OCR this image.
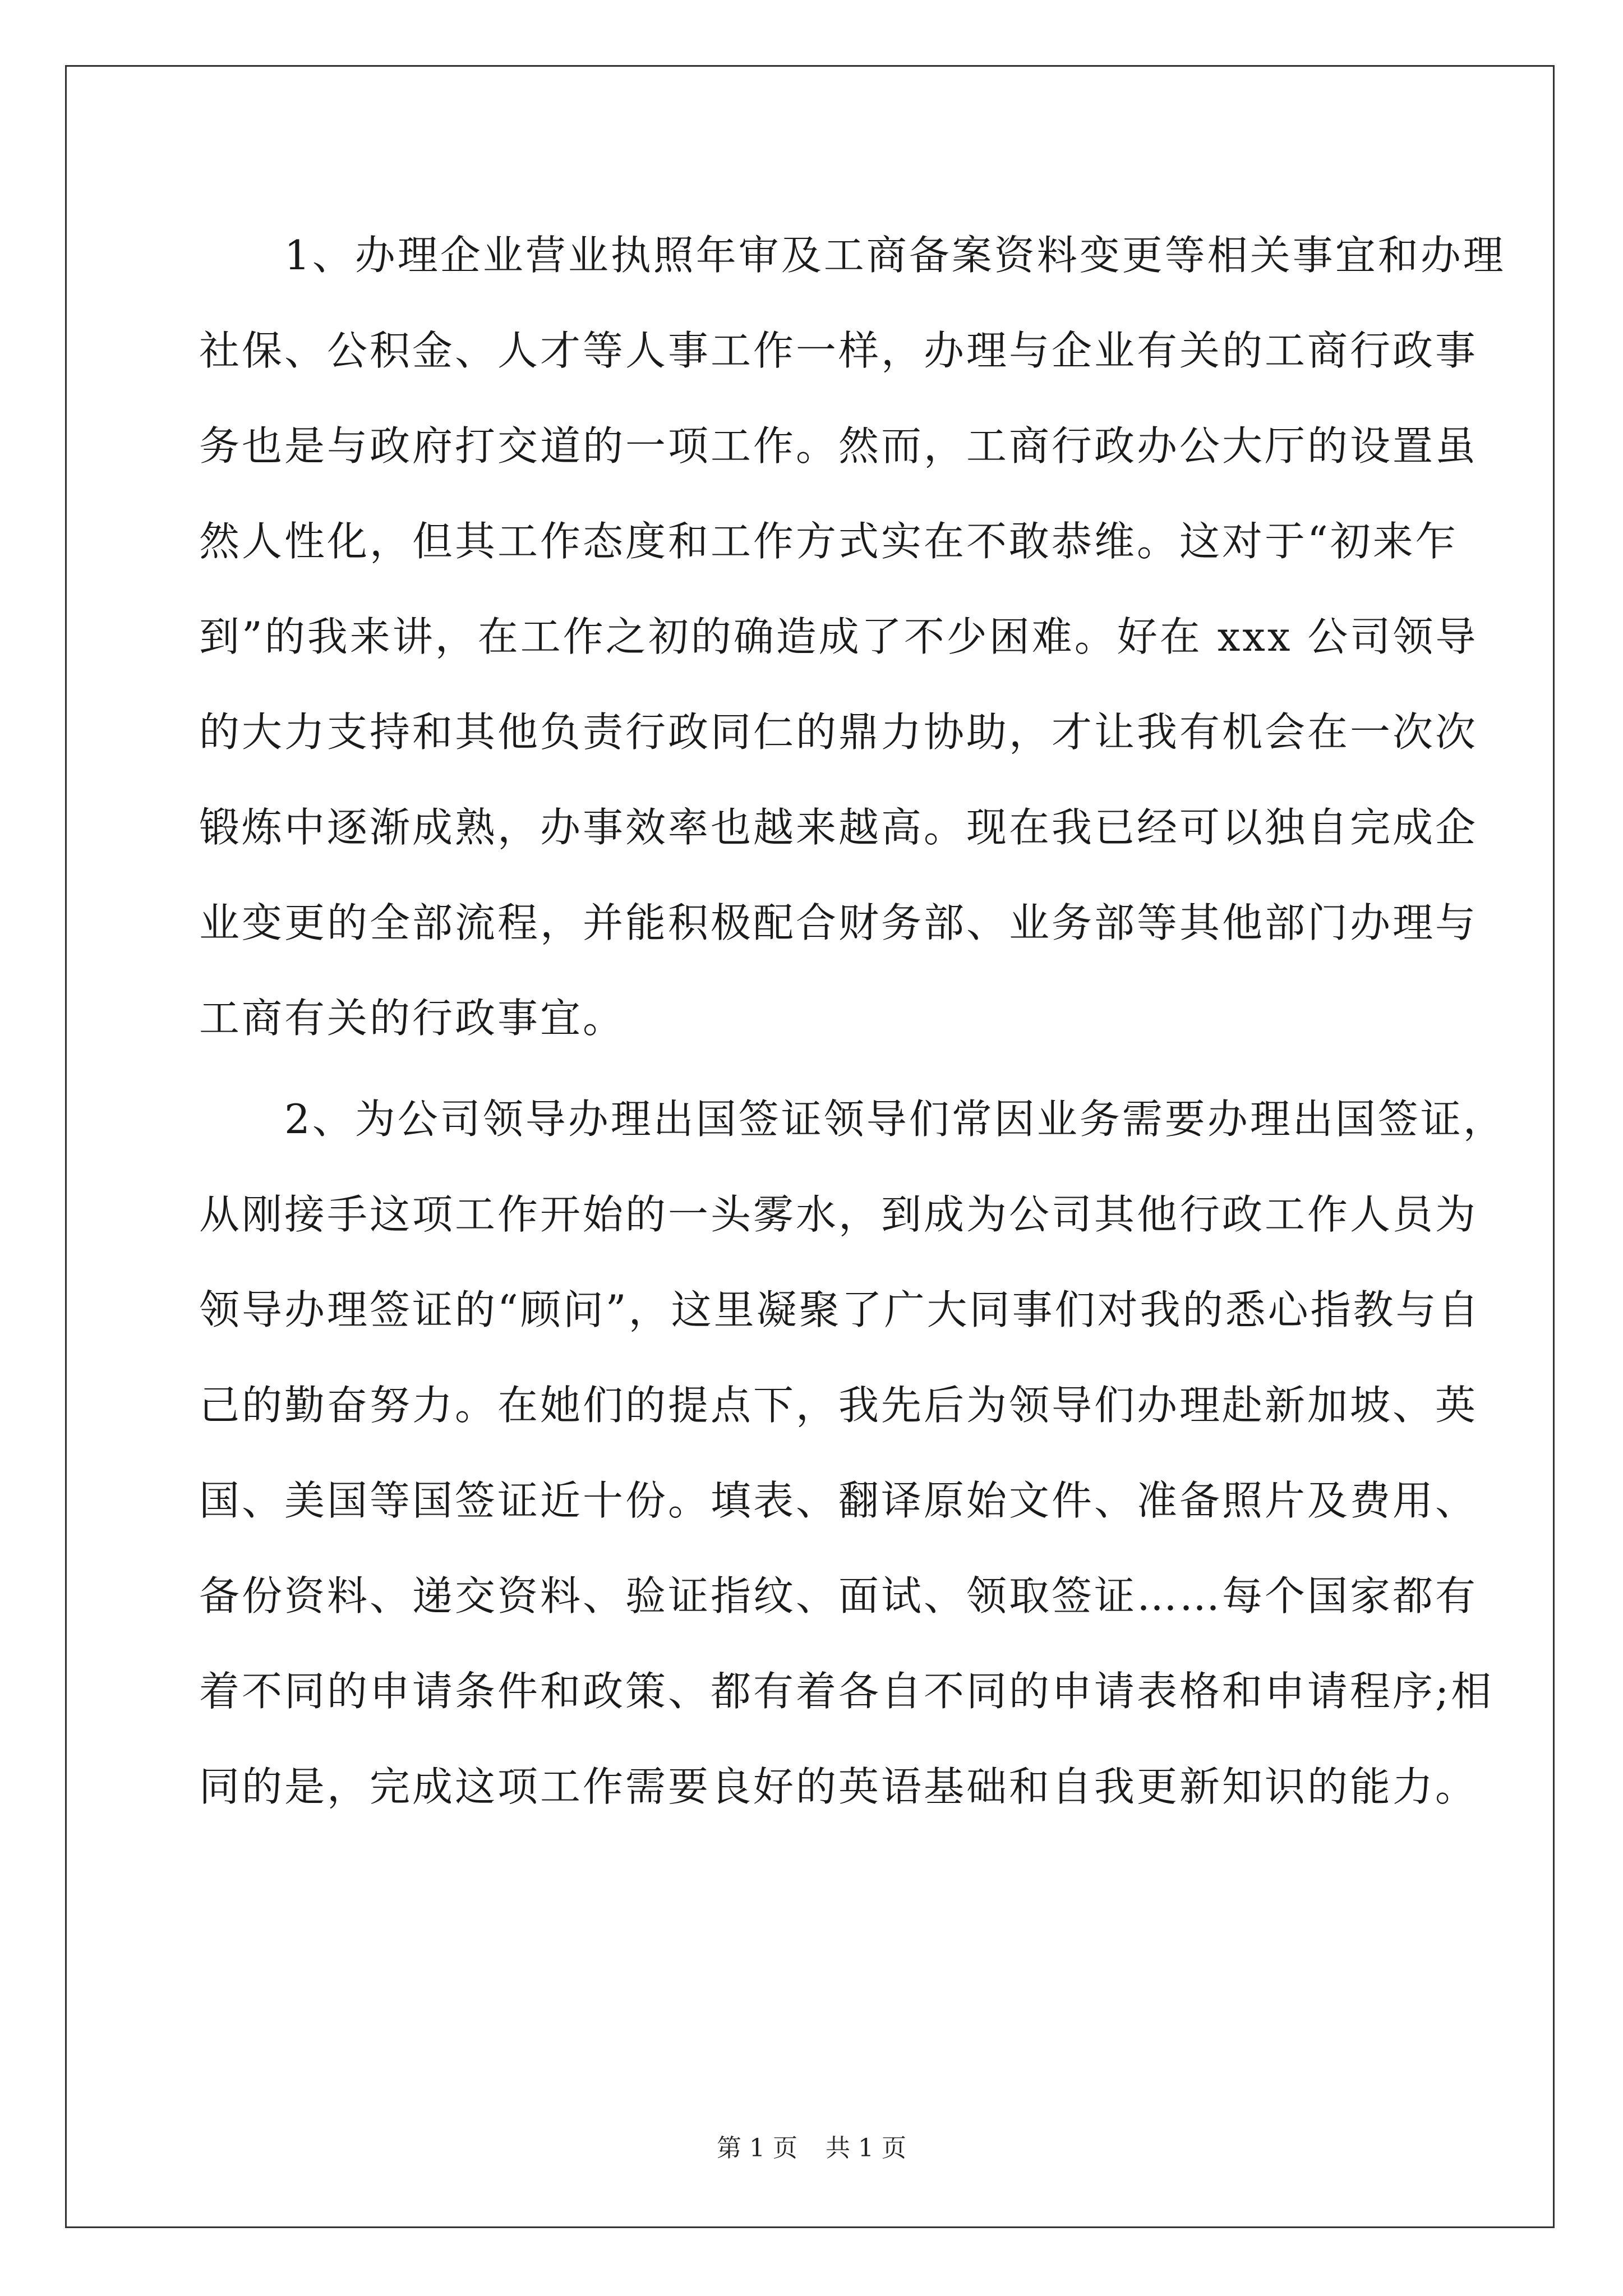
　　1、办理企业营业执照年审及工商备案资料变更等相关事宜和办理
社保、公积金、人才等人事工作一样，办理与企业有关的工商行政事
务也是与政府打交道的一项工作。然而，工商行政办公大厅的设置虽
然人性化，但其工作态度和工作方式实在不敢恭维。这对于“初来乍
到”的我来讲，在工作之初的确造成了不少困难。好在 xxx 公司领导
的大力支持和其他负责行政同仁的鼎力协助，才让我有机会在一次次
锻炼中逐渐成熟，办事效率也越来越高。现在我已经可以独自完成企
业变更的全部流程，并能积极配合财务部、业务部等其他部门办理与
工商有关的行政事宜。
　　2、为公司领导办理出国签证领导们常因业务需要办理出国签证，
从刚接手这项工作开始的一头雾水，到成为公司其他行政工作人员为
领导办理签证的“顾问”，这里凝聚了广大同事们对我的悉心指教与自
己的勤奋努力。在她们的提点下，我先后为领导们办理赴新加坡、英
国、美国等国签证近十份。填表、翻译原始文件、准备照片及费用、
备份资料、递交资料、验证指纹、面试、领取签证……每个国家都有
着不同的申请条件和政策、都有着各自不同的申请表格和申请程序;相
同的是，完成这项工作需要良好的英语基础和自我更新知识的能力。
第 1 页 共 1 页
